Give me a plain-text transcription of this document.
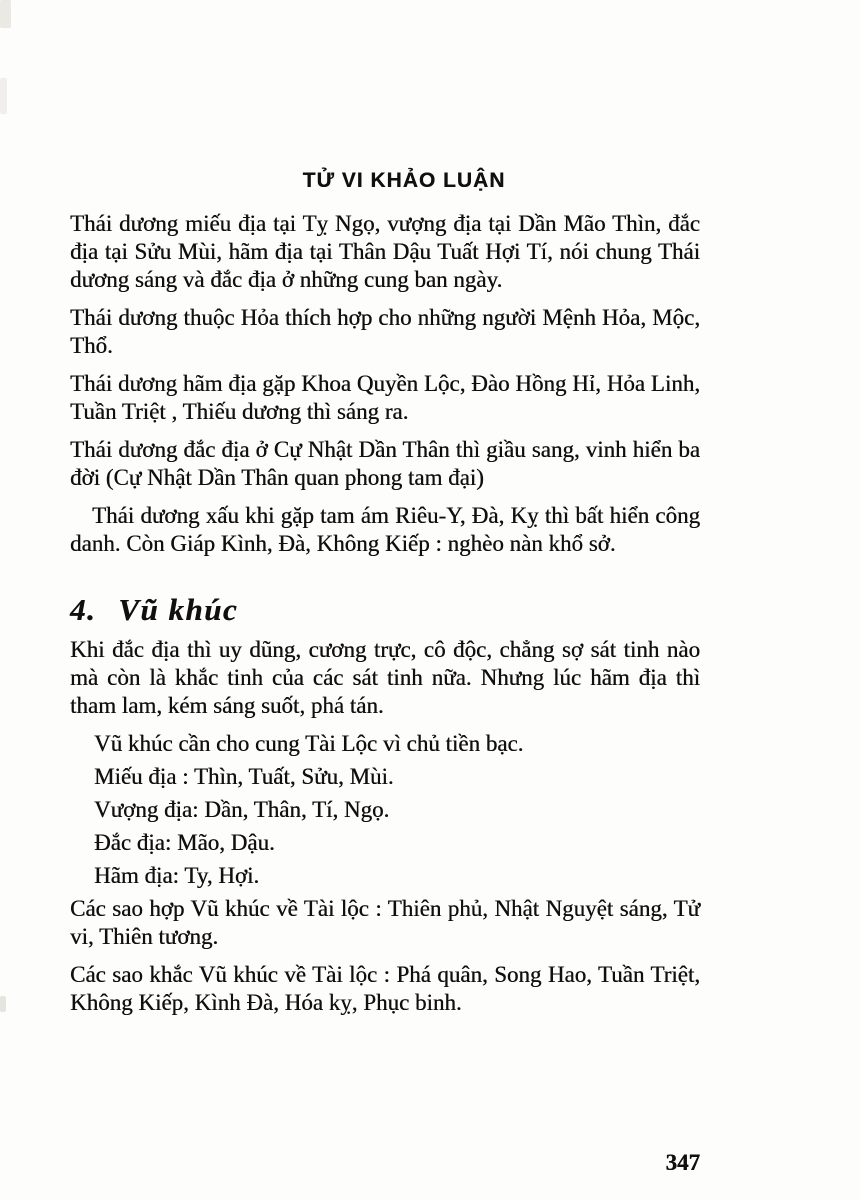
TỬ VI KHẢO LUẬN

Thái dương miếu địa tại Tỵ Ngọ, vượng địa tại Dần Mão Thìn, đắc địa tại Sửu Mùi, hãm địa tại Thân Dậu Tuất Hợi Tí, nói chung Thái dương sáng và đắc địa ở những cung ban ngày.

Thái dương thuộc Hỏa thích hợp cho những người Mệnh Hỏa, Mộc, Thổ.

Thái dương hãm địa gặp Khoa Quyền Lộc, Đào Hồng Hỉ, Hỏa Linh, Tuần Triệt , Thiếu dương thì sáng ra.

Thái dương đắc địa ở Cự Nhật Dần Thân thì giầu sang, vinh hiển ba đời (Cự Nhật Dần Thân quan phong tam đại)

Thái dương xấu khi gặp tam ám Riêu-Y, Đà, Kỵ thì bất hiển công danh. Còn Giáp Kình, Đà, Không Kiếp : nghèo nàn khổ sở.

4. Vũ khúc

Khi đắc địa thì uy dũng, cương trực, cô độc, chẳng sợ sát tinh nào mà còn là khắc tinh của các sát tinh nữa. Nhưng lúc hãm địa thì tham lam, kém sáng suốt, phá tán.

Vũ khúc cần cho cung Tài Lộc vì chủ tiền bạc.

Miếu địa : Thìn, Tuất, Sửu, Mùi.

Vượng địa: Dần, Thân, Tí, Ngọ.

Đắc địa: Mão, Dậu.

Hãm địa: Ty, Hợi.

Các sao hợp Vũ khúc về Tài lộc : Thiên phủ, Nhật Nguyệt sáng, Tử vi, Thiên tương.

Các sao khắc Vũ khúc về Tài lộc : Phá quân, Song Hao, Tuần Triệt, Không Kiếp, Kình Đà, Hóa kỵ, Phục binh.

347
